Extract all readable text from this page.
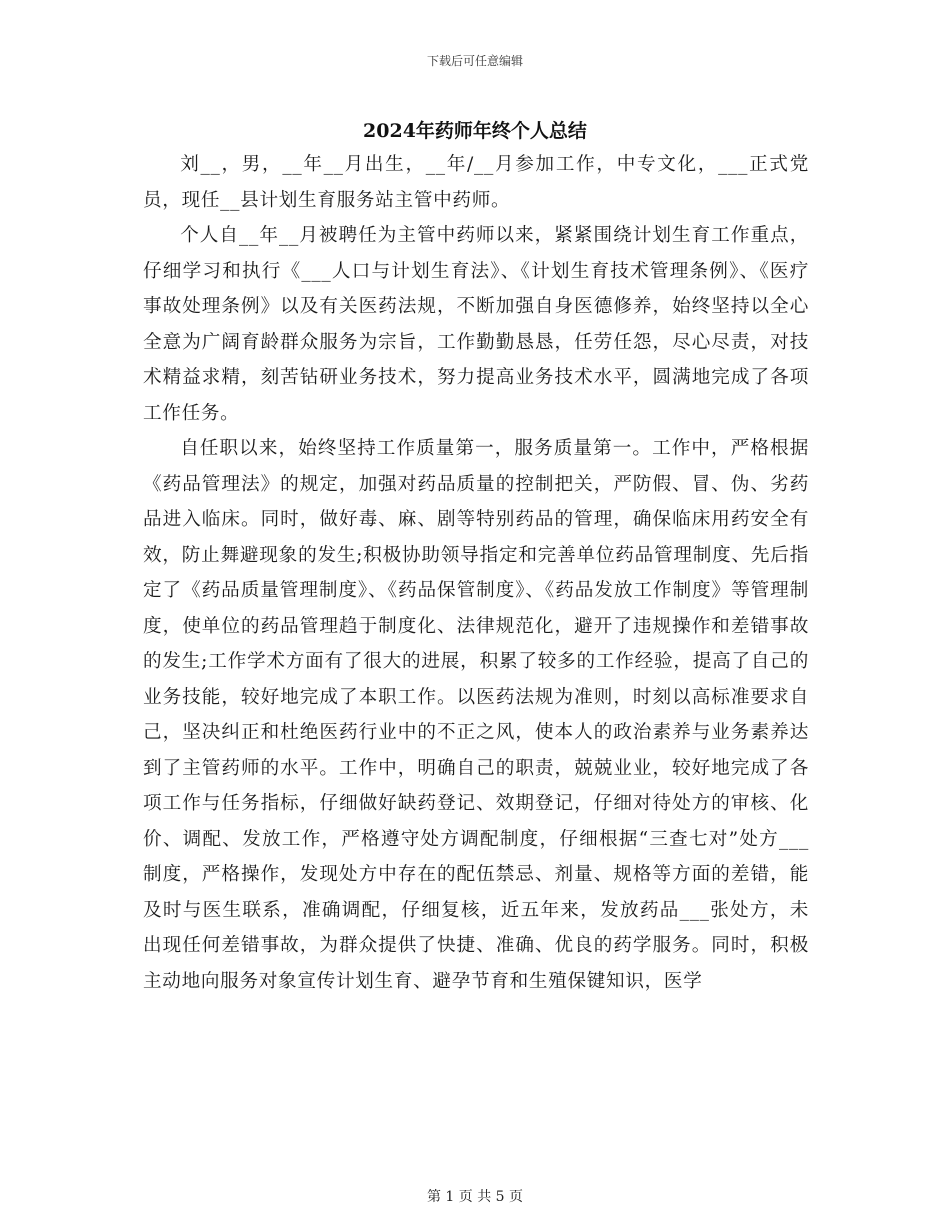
下载后可任意编辑
2024年药师年终个人总结

刘__，男，__年__月出生，__年/__月参加工作，中专文化，___正式党员，现任__县计划生育服务站主管中药师。

个人自__年__月被聘任为主管中药师以来，紧紧围绕计划生育工作重点，仔细学习和执行《___人口与计划生育法》、《计划生育技术管理条例》、《医疗事故处理条例》以及有关医药法规，不断加强自身医德修养，始终坚持以全心全意为广阔育龄群众服务为宗旨，工作勤勤恳恳，任劳任怨，尽心尽责，对技术精益求精，刻苦钻研业务技术，努力提高业务技术水平，圆满地完成了各项工作任务。

自任职以来，始终坚持工作质量第一，服务质量第一。工作中，严格根据《药品管理法》的规定，加强对药品质量的控制把关，严防假、冒、伪、劣药品进入临床。同时，做好毒、麻、剧等特别药品的管理，确保临床用药安全有效，防止舞避现象的发生;积极协助领导指定和完善单位药品管理制度、先后指定了《药品质量管理制度》、《药品保管制度》、《药品发放工作制度》等管理制度，使单位的药品管理趋于制度化、法律规范化，避开了违规操作和差错事故的发生;工作学术方面有了很大的进展，积累了较多的工作经验，提高了自己的业务技能，较好地完成了本职工作。以医药法规为准则，时刻以高标准要求自己，坚决纠正和杜绝医药行业中的不正之风，使本人的政治素养与业务素养达到了主管药师的水平。工作中，明确自己的职责，兢兢业业，较好地完成了各项工作与任务指标，仔细做好缺药登记、效期登记，仔细对待处方的审核、化价、调配、发放工作，严格遵守处方调配制度，仔细根据“三查七对”处方___制度，严格操作，发现处方中存在的配伍禁忌、剂量、规格等方面的差错，能及时与医生联系，准确调配，仔细复核，近五年来，发放药品___张处方，未出现任何差错事故，为群众提供了快捷、准确、优良的药学服务。同时，积极主动地向服务对象宣传计划生育、避孕节育和生殖保键知识，医学

第 1 页 共 5 页
